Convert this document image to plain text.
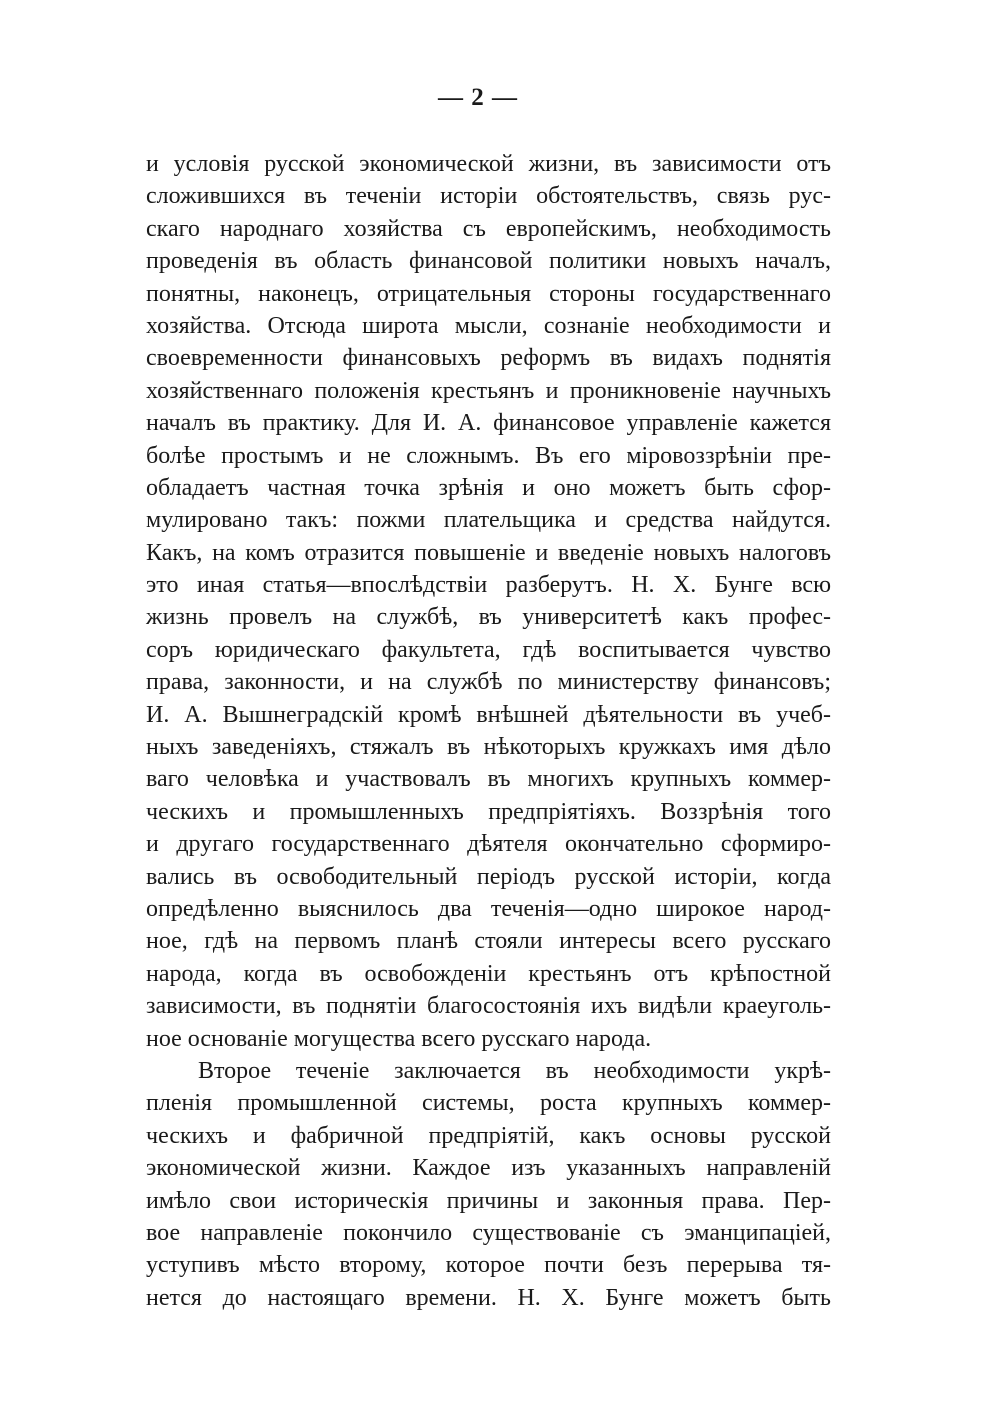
— 2 —
и условія русской экономической жизни, въ зависимости отъ
сложившихся въ теченіи исторіи обстоятельствъ, связь рус-
скаго народнаго хозяйства съ европейскимъ, необходимость
проведенія въ область финансовой политики новыхъ началъ,
понятны, наконецъ, отрицательныя стороны государственнаго
хозяйства. Отсюда широта мысли, сознаніе необходимости и
своевременности финансовыхъ реформъ въ видахъ поднятія
хозяйственнаго положенія крестьянъ и проникновеніе научныхъ
началъ въ практику. Для И. А. финансовое управленіе кажется
болѣе простымъ и не сложнымъ. Въ его міровоззрѣніи пре-
обладаетъ частная точка зрѣнія и оно можетъ быть сфор-
мулировано такъ: пожми плательщика и средства найдутся.
Какъ, на комъ отразится повышеніе и введеніе новыхъ налоговъ
это иная статья—впослѣдствіи разберутъ. Н. Х. Бунге всю
жизнь провелъ на службѣ, въ университетѣ какъ профес-
соръ юридическаго факультета, гдѣ воспитывается чувство
права, законности, и на службѣ по министерству финансовъ;
И. А. Вышнеградскій кромѣ внѣшней дѣятельности въ учеб-
ныхъ заведеніяхъ, стяжалъ въ нѣкоторыхъ кружкахъ имя дѣло
ваго человѣка и участвовалъ въ многихъ крупныхъ коммер-
ческихъ и промышленныхъ предпріятіяхъ. Воззрѣнія того
и другаго государственнаго дѣятеля окончательно сформиро-
вались въ освободительный періодъ русской исторіи, когда
опредѣленно выяснилось два теченія—одно широкое народ-
ное, гдѣ на первомъ планѣ стояли интересы всего русскаго
народа, когда въ освобожденіи крестьянъ отъ крѣпостной
зависимости, въ поднятіи благосостоянія ихъ видѣли краеуголь-
ное основаніе могущества всего русскаго народа.
Второе теченіе заключается въ необходимости укрѣ-
пленія промышленной системы, роста крупныхъ коммер-
ческихъ и фабричной предпріятій, какъ основы русской
экономической жизни. Каждое изъ указанныхъ направленій
имѣло свои историческія причины и законныя права. Пер-
вое направленіе покончило существованіе съ эманципаціей,
уступивъ мѣсто второму, которое почти безъ перерыва тя-
нется до настоящаго времени. Н. Х. Бунге можетъ быть
